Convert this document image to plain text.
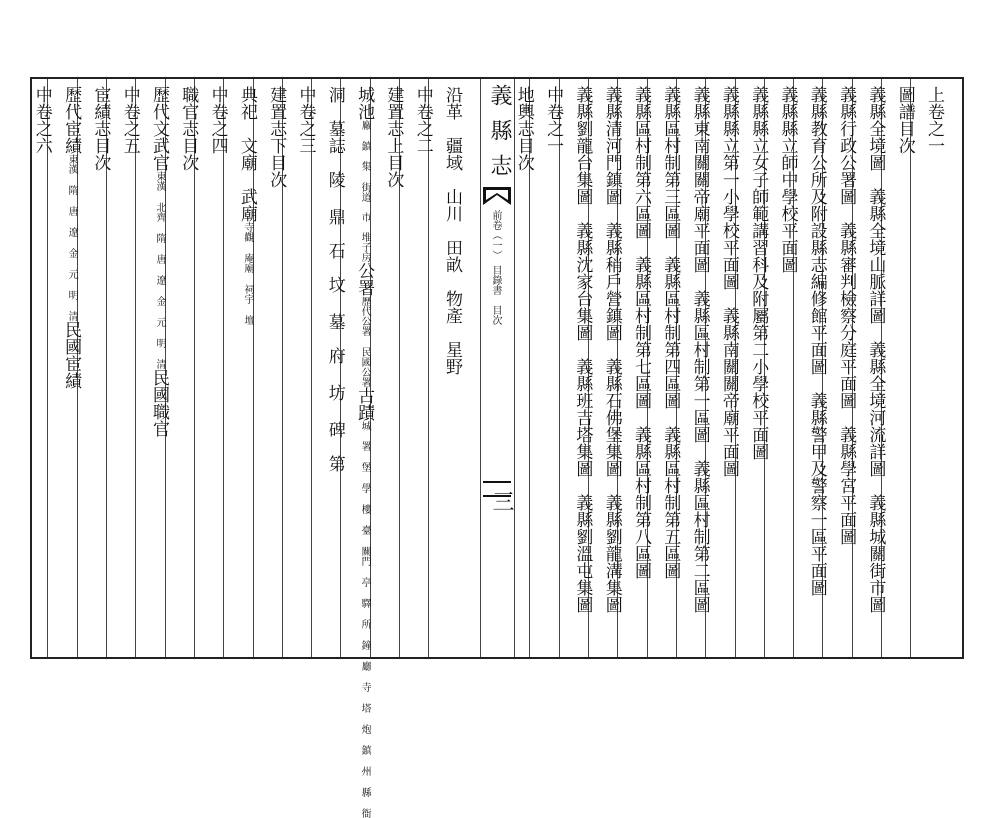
義
縣
志
前卷（一）　目錄書　目次
三
上卷之一
圖譜目次
義縣全境圖　義縣全境山脈詳圖　義縣全境河流詳圖　義縣城關街市圖
義縣行政公署圖　義縣審判檢察分庭平面圖　義縣學宮平面圖
義縣教育公所及附設縣志編修館平面圖　義縣警甲及警察一區平面圖
義縣縣立師中學校平面圖
義縣縣立女子師範講習科及附屬第二小學校平面圖
義縣縣立第一小學校平面圖　義縣南關關帝廟平面圖
義縣東南關關帝廟平面圖　義縣區村制第一區圖　義縣區村制第二區圖
義縣區村制第三區圖　義縣區村制第四區圖　義縣區村制第五區圖
義縣區村制第六區圖　義縣區村制第七區圖　義縣區村制第八區圖
義縣清河門鎮圖　義縣稍戶營鎮圖　義縣石佛堡集圖　義縣劉龍溝集圖
義縣劉龍台集圖　義縣沈家台集圖　義縣班吉塔集圖　義縣劉溫屯集圖
中卷之一
地輿志目次
沿革　疆域　山川　田畝　物產　星野
中卷之二
建置志上目次
城池廠 鎮　集 街道　市　堆子房公署歷代公署 民國公署古蹟城　署 堡 學 樓 臺 關門 亭 驛 所 鐘 廳 寺 塔 炮 鎮 州 縣 衙
洞　墓誌　陵 鼎　石　坟 墓　府 坊 碑　第
中卷之三
建置志下目次
典祀　文廟　武廟寺觀 庵廟 祠宇 壇
中卷之四
職官志目次
歷代文武官東漢 北齊 隋 唐 遼 金 元 明 清民國職官
中卷之五
宦績志目次
歷代宦績東漢 隋 唐 遼 金 元 明 清民國宦績
中卷之六
